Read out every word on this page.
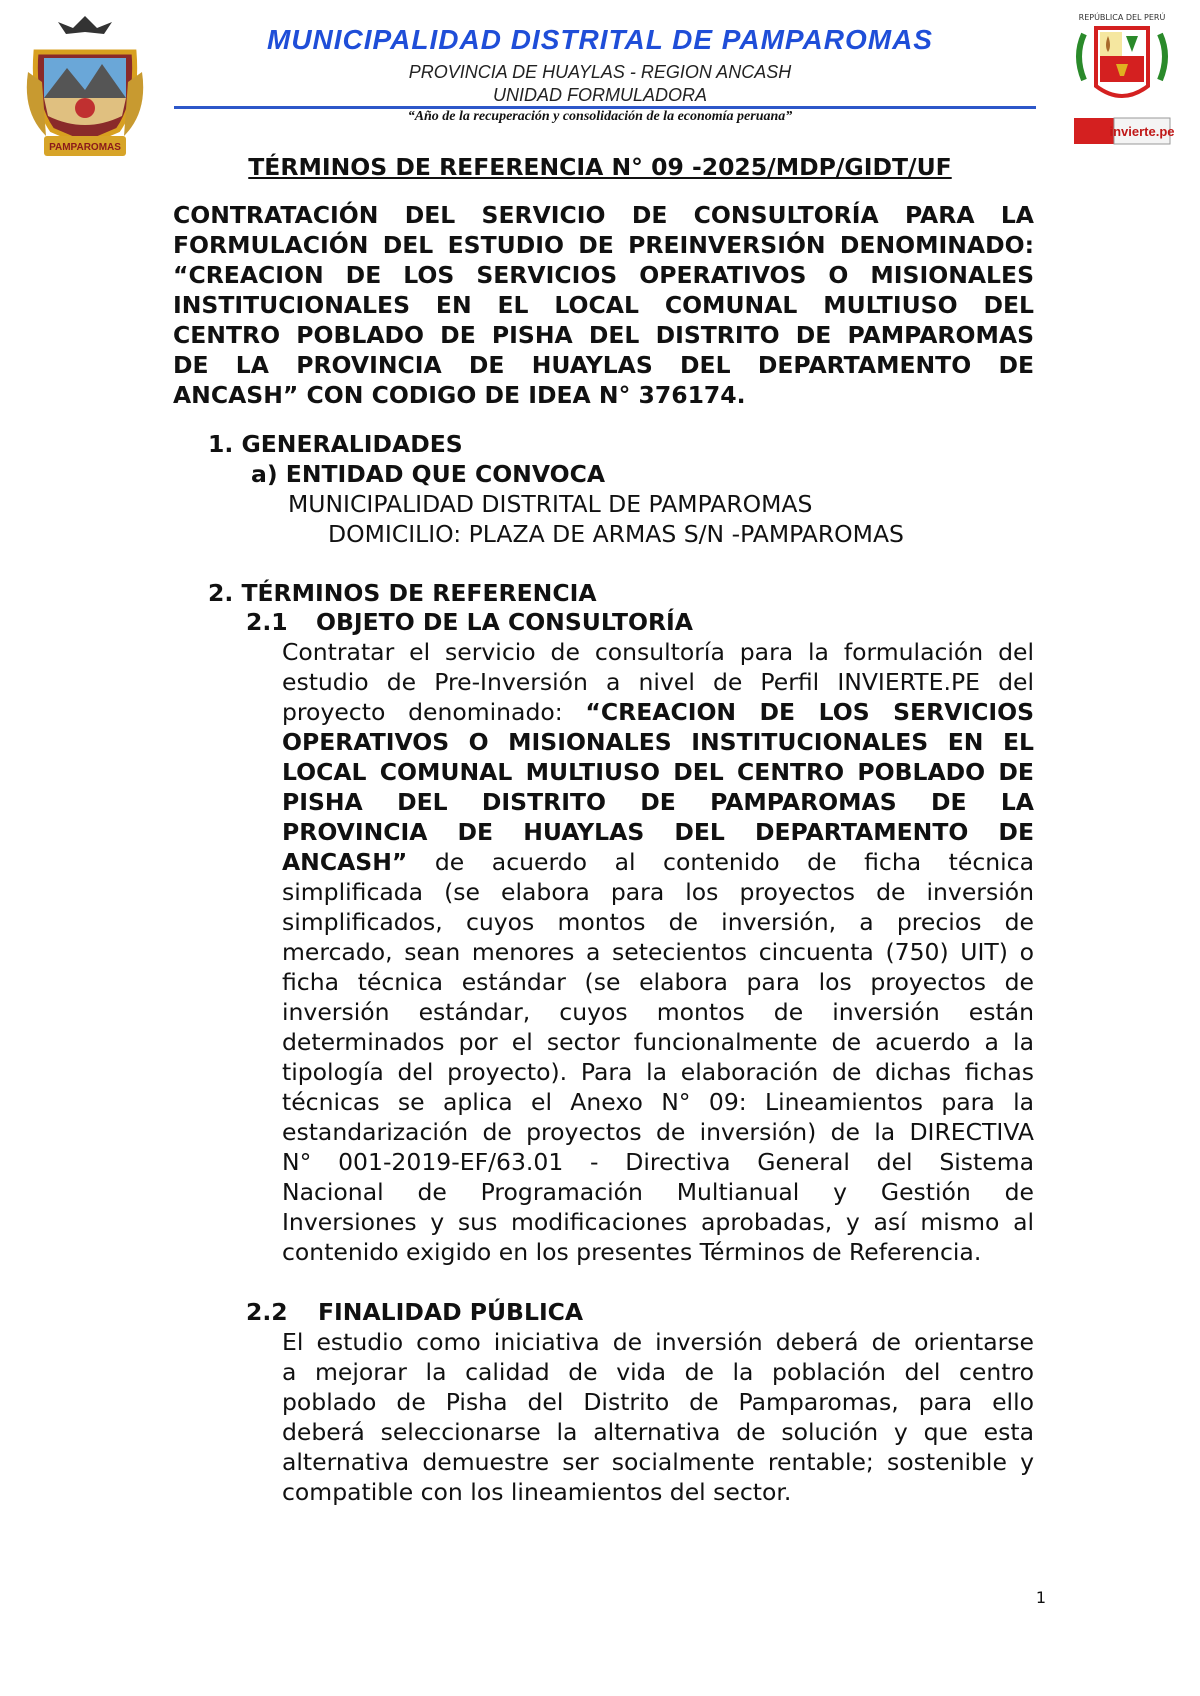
PAMPAROMAS
MUNICIPALIDAD DISTRITAL DE PAMPAROMAS
PROVINCIA DE HUAYLAS - REGION ANCASH
UNIDAD FORMULADORA
“Año de la recuperación y consolidación de la economía peruana”
REPÚBLICA DEL PERÚ
invierte.pe
TÉRMINOS DE REFERENCIA N° 09 -2025/MDP/GIDT/UF
CONTRATACIÓN DEL SERVICIO DE CONSULTORÍA PARA LA
FORMULACIÓN DEL ESTUDIO DE PREINVERSIÓN DENOMINADO:
“CREACION DE LOS SERVICIOS OPERATIVOS O MISIONALES
INSTITUCIONALES EN EL LOCAL COMUNAL MULTIUSO DEL
CENTRO POBLADO DE PISHA DEL DISTRITO DE PAMPAROMAS
DE LA PROVINCIA DE HUAYLAS DEL DEPARTAMENTO DE
ANCASH” CON CODIGO DE IDEA N° 376174.
1. GENERALIDADES
a) ENTIDAD QUE CONVOCA
MUNICIPALIDAD DISTRITAL DE PAMPAROMAS
DOMICILIO: PLAZA DE ARMAS S/N -PAMPAROMAS
2. TÉRMINOS DE REFERENCIA
2.1 OBJETO DE LA CONSULTORÍA
Contratar el servicio de consultoría para la formulación del
estudio de Pre-Inversión a nivel de Perfil INVIERTE.PE del
proyecto denominado: “CREACION DE LOS SERVICIOS
OPERATIVOS O MISIONALES INSTITUCIONALES EN EL
LOCAL COMUNAL MULTIUSO DEL CENTRO POBLADO DE
PISHA DEL DISTRITO DE PAMPAROMAS DE LA
PROVINCIA DE HUAYLAS DEL DEPARTAMENTO DE
ANCASH” de acuerdo al contenido de ficha técnica
simplificada (se elabora para los proyectos de inversión
simplificados, cuyos montos de inversión, a precios de
mercado, sean menores a setecientos cincuenta (750) UIT) o
ficha técnica estándar (se elabora para los proyectos de
inversión estándar, cuyos montos de inversión están
determinados por el sector funcionalmente de acuerdo a la
tipología del proyecto). Para la elaboración de dichas fichas
técnicas se aplica el Anexo N° 09: Lineamientos para la
estandarización de proyectos de inversión) de la DIRECTIVA
N° 001-2019-EF/63.01 - Directiva General del Sistema
Nacional de Programación Multianual y Gestión de
Inversiones y sus modificaciones aprobadas, y así mismo al
contenido exigido en los presentes Términos de Referencia.
2.2 FINALIDAD PÚBLICA
El estudio como iniciativa de inversión deberá de orientarse
a mejorar la calidad de vida de la población del centro
poblado de Pisha del Distrito de Pamparomas, para ello
deberá seleccionarse la alternativa de solución y que esta
alternativa demuestre ser socialmente rentable; sostenible y
compatible con los lineamientos del sector.
1
